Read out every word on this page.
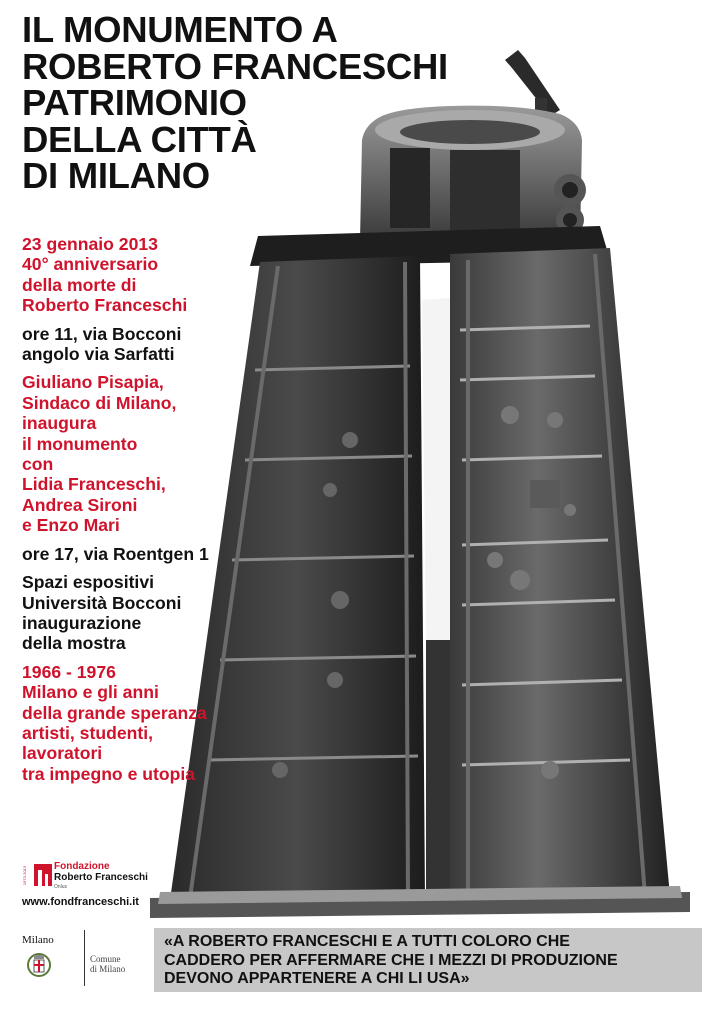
IL MONUMENTO A
ROBERTO FRANCESCHI
PATRIMONIO
DELLA CITTÀ
DI MILANO
23 gennaio 2013
40° anniversario
della morte di
Roberto Franceschi
ore 11, via Bocconi
angolo via Sarfatti
Giuliano Pisapia,
Sindaco di Milano,
inaugura
il monumento
con
Lidia Franceschi,
Andrea Sironi
e Enzo Mari
ore 17, via Roentgen 1
Spazi espositivi
Università Bocconi
inaugurazione
della mostra
1966 - 1976
Milano e gli anni
della grande speranza
artisti, studenti,
lavoratori
tra impegno e utopia
1973-2013	Fondazione
Roberto Franceschi
Onlus
www.fondfranceschi.it
Milano
Comune
di Milano
«A ROBERTO FRANCESCHI E A TUTTI COLORO CHE
CADDERO PER AFFERMARE CHE I MEZZI DI PRODUZIONE
DEVONO APPARTENERE A CHI LI USA»
